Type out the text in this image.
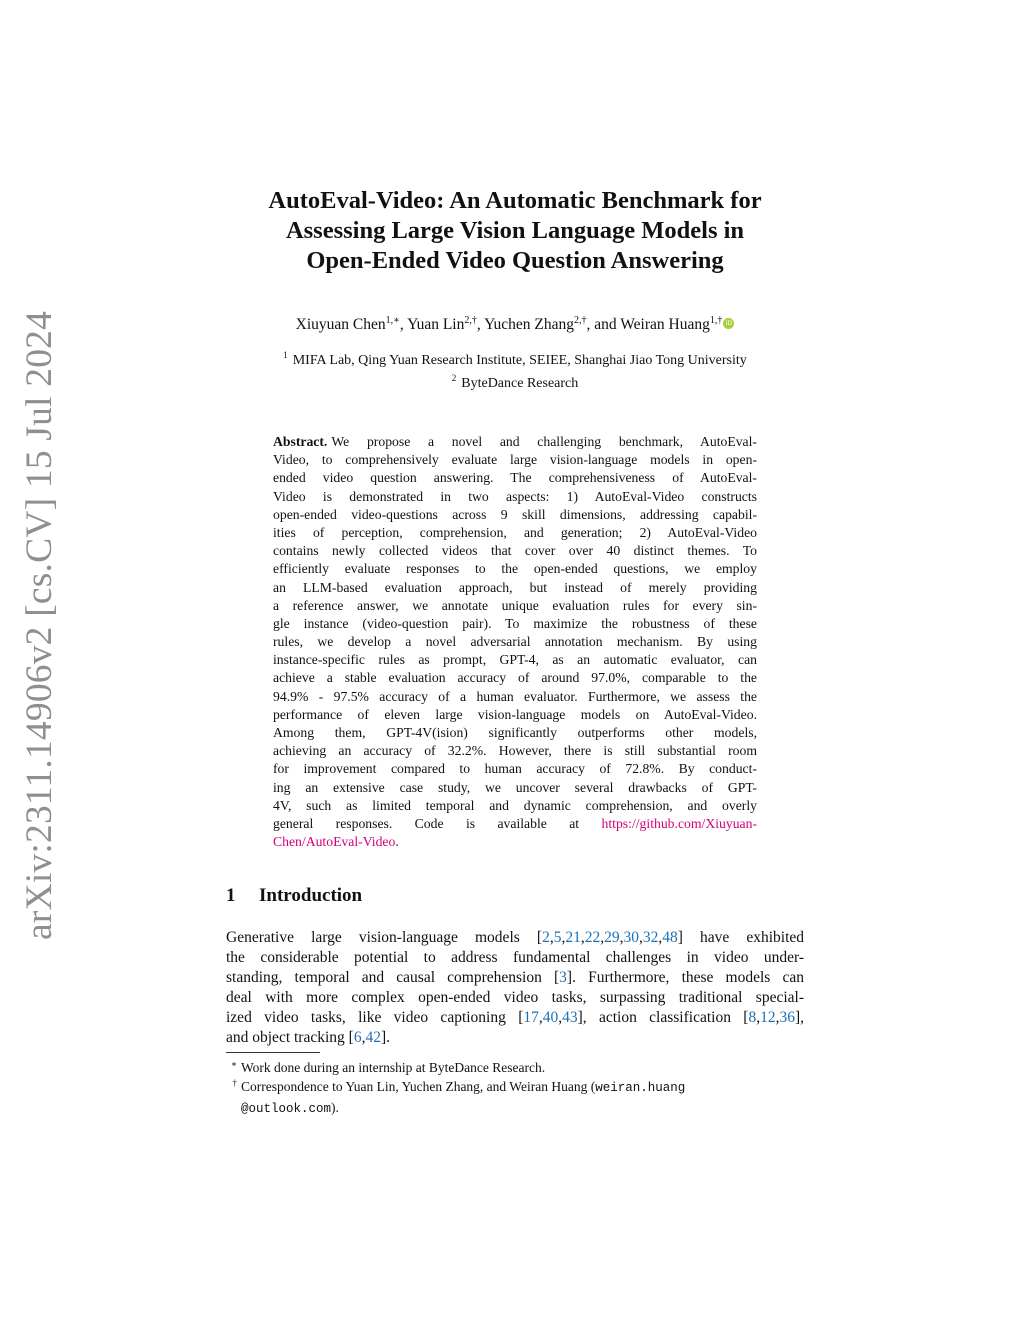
arXiv:2311.14906v2 [cs.CV] 15 Jul 2024
AutoEval-Video: An Automatic Benchmark for
Assessing Large Vision Language Models in
Open-Ended Video Question Answering
Xiuyuan Chen$^{1,∗}$, Yuan Lin$^{2,\dagger}$, Yuchen Zhang$^{2,\dagger}$, and Weiran Huang$^{1,\dagger}$ iD
$^1$ MIFA Lab, Qing Yuan Research Institute, SEIEE, Shanghai Jiao Tong University
$^2$ ByteDance Research
Abstract. We propose a novel and challenging benchmark, AutoEval-
Video, to comprehensively evaluate large vision-language models in open-
ended video question answering. The comprehensiveness of AutoEval-
Video is demonstrated in two aspects: 1) AutoEval-Video constructs
open-ended video-questions across 9 skill dimensions, addressing capabil-
ities of perception, comprehension, and generation; 2) AutoEval-Video
contains newly collected videos that cover over 40 distinct themes. To
efficiently evaluate responses to the open-ended questions, we employ
an LLM-based evaluation approach, but instead of merely providing
a reference answer, we annotate unique evaluation rules for every sin-
gle instance (video-question pair). To maximize the robustness of these
rules, we develop a novel adversarial annotation mechanism. By using
instance-specific rules as prompt, GPT-4, as an automatic evaluator, can
achieve a stable evaluation accuracy of around 97.0%, comparable to the
94.9% - 97.5% accuracy of a human evaluator. Furthermore, we assess the
performance of eleven large vision-language models on AutoEval-Video.
Among them, GPT-4V(ision) significantly outperforms other models,
achieving an accuracy of 32.2%. However, there is still substantial room
for improvement compared to human accuracy of 72.8%. By conduct-
ing an extensive case study, we uncover several drawbacks of GPT-
4V, such as limited temporal and dynamic comprehension, and overly
general responses. Code is available at https://github.com/Xiuyuan-
Chen/AutoEval-Video.
1 Introduction
Generative large vision-language models [2,5,21,22,29,30,32,48] have exhibited
the considerable potential to address fundamental challenges in video under-
standing, temporal and causal comprehension [3]. Furthermore, these models can
deal with more complex open-ended video tasks, surpassing traditional special-
ized video tasks, like video captioning [17,40,43], action classification [8,12,36],
and object tracking [6,42].
∗ Work done during an internship at ByteDance Research.
† Correspondence to Yuan Lin, Yuchen Zhang, and Weiran Huang (weiran.huang
@outlook.com).
